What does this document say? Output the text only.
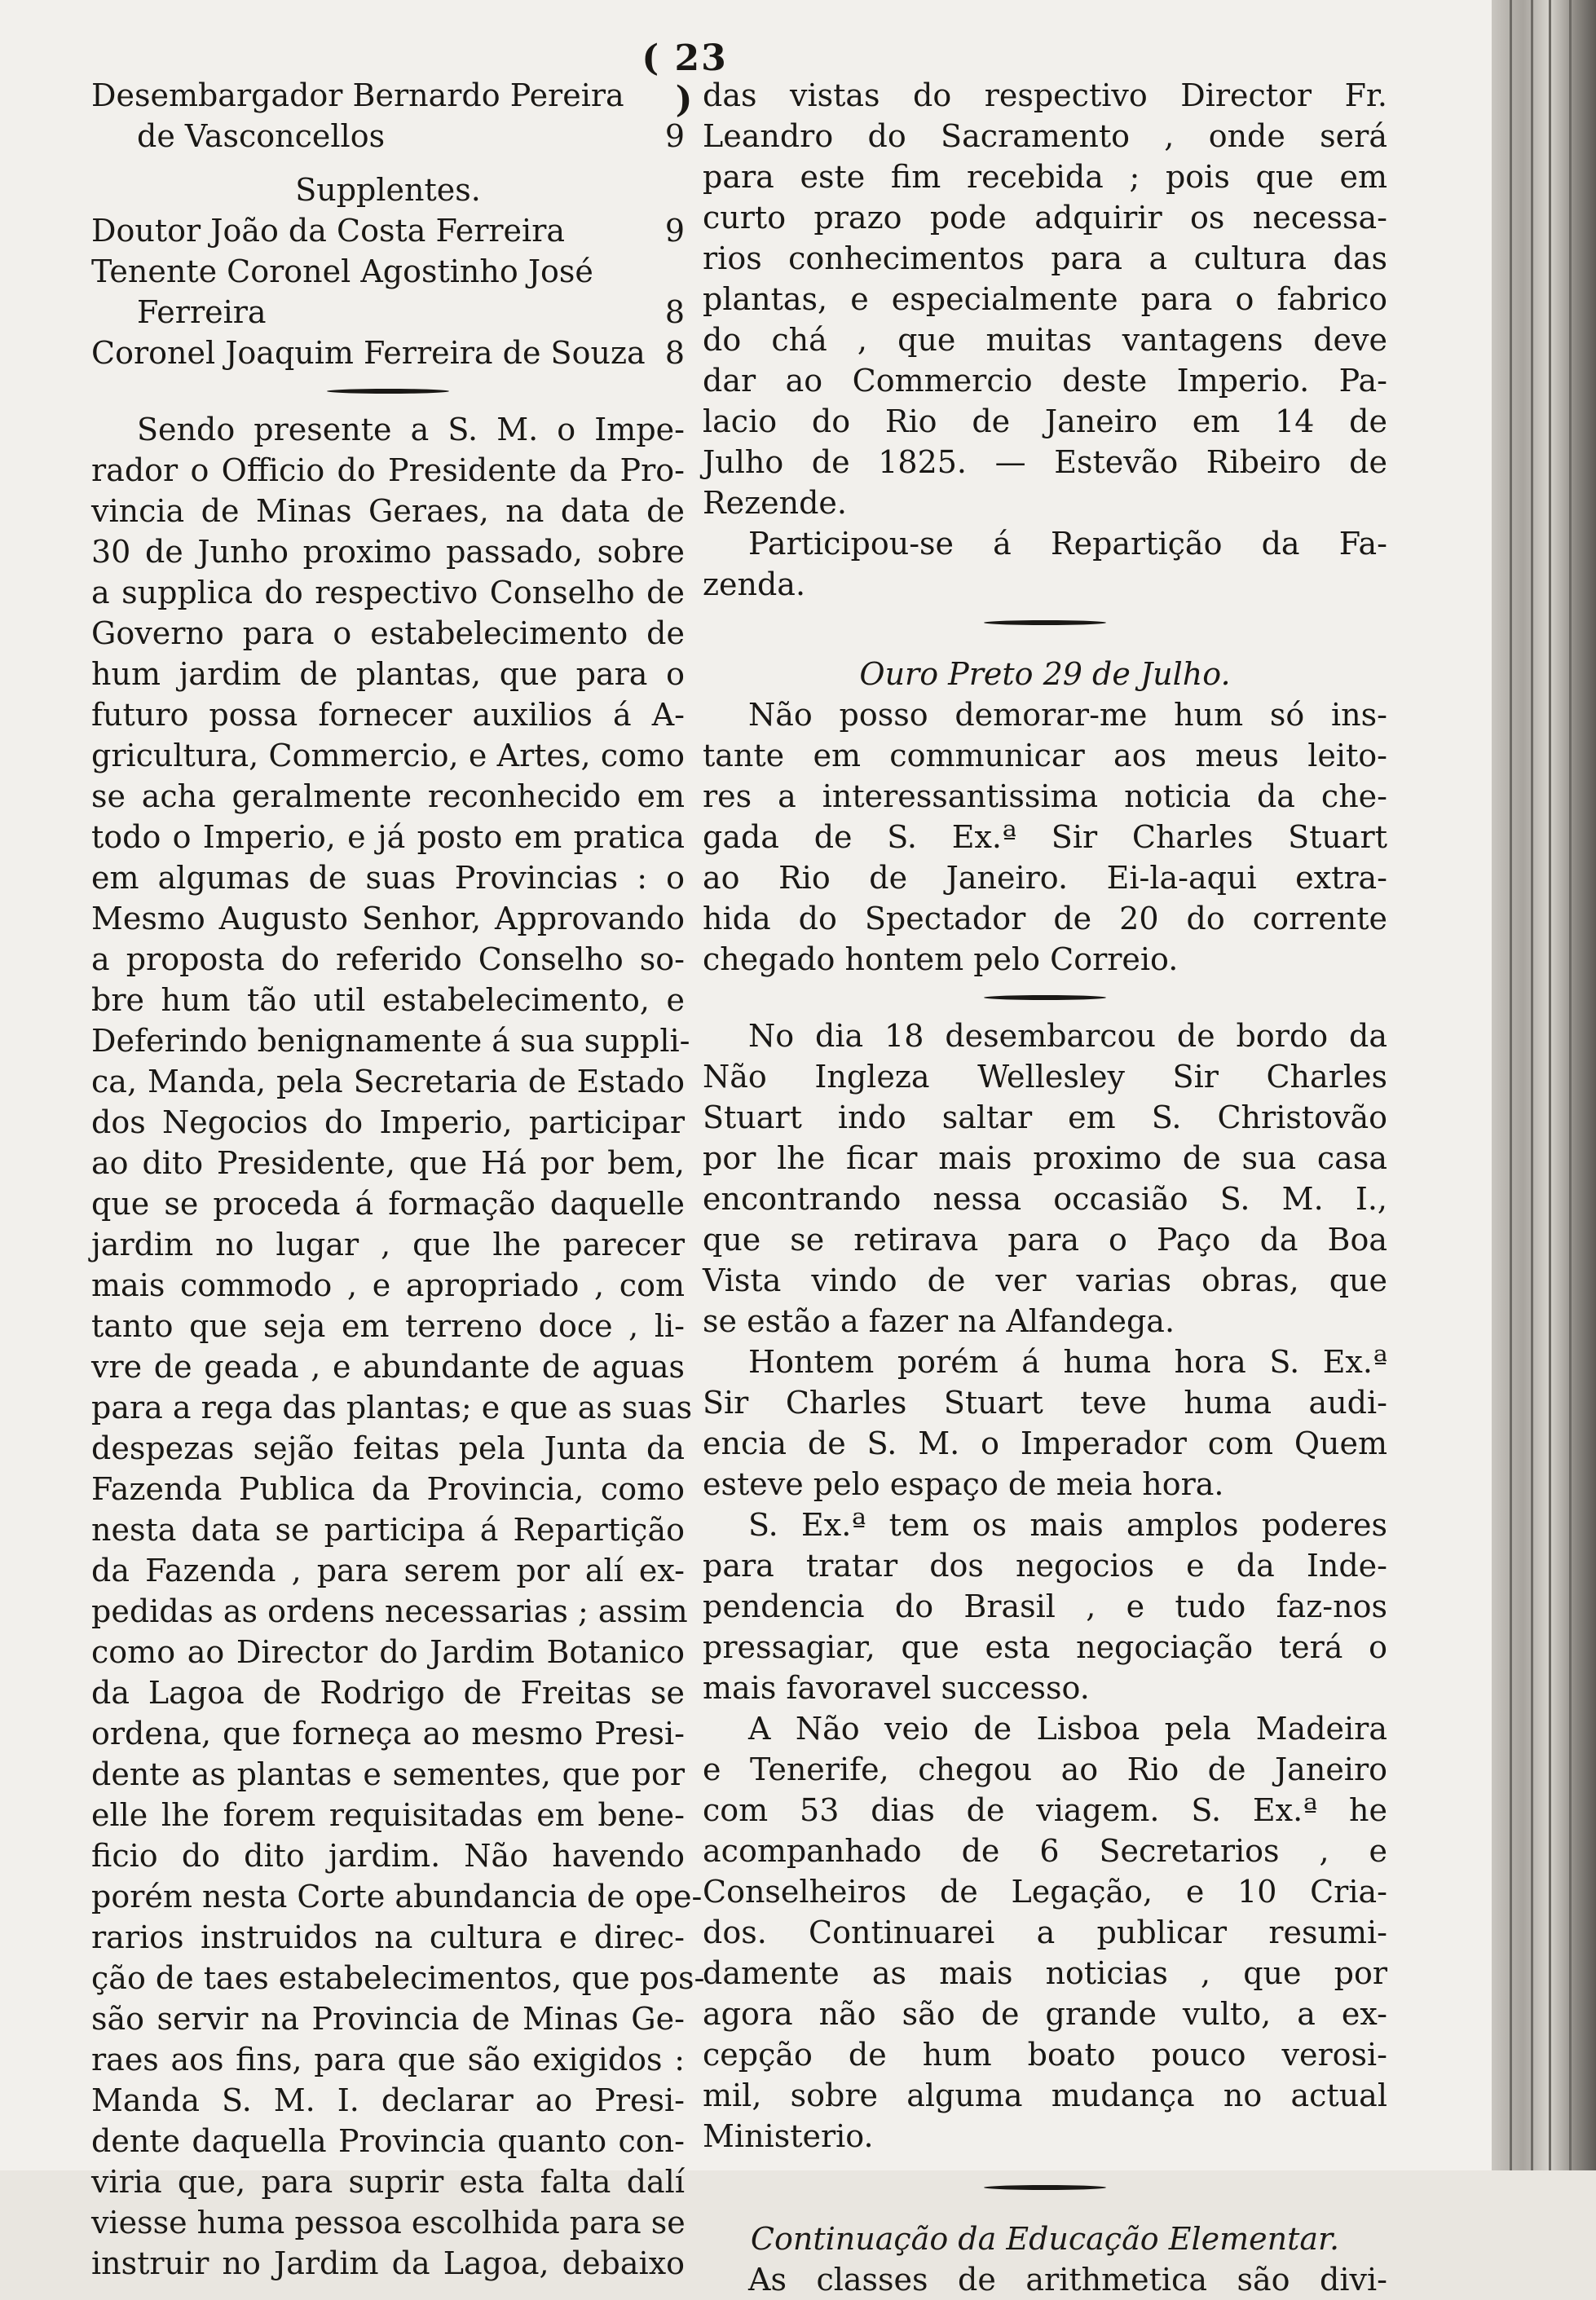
( 23 )
Desembargador Bernardo Pereira
de Vasconcellos	9
Supplentes.
Doutor João da Costa Ferreira	9
Tenente Coronel Agostinho José
Ferreira	8
Coronel Joaquim Ferreira de Souza 8
Sendo presente a S. M. o Impe-
rador o Officio do Presidente da Pro-
vincia de Minas Geraes, na data de
30 de Junho proximo passado, sobre
a supplica do respectivo Conselho de
Governo para o estabelecimento de
hum jardim de plantas, que para o
futuro possa fornecer auxilios á A-
gricultura, Commercio, e Artes, como
se acha geralmente reconhecido em
todo o Imperio, e já posto em pratica
em algumas de suas Provincias : o
Mesmo Augusto Senhor, Approvando
a proposta do referido Conselho so-
bre hum tão util estabelecimento, e
Deferindo benignamente á sua suppli-
ca, Manda, pela Secretaria de Estado
dos Negocios do Imperio, participar
ao dito Presidente, que Há por bem,
que se proceda á formação daquelle
jardim no lugar , que lhe parecer
mais commodo , e apropriado , com
tanto que seja em terreno doce , li-
vre de geada , e abundante de aguas
para a rega das plantas; e que as suas
despezas sejão feitas pela Junta da
Fazenda Publica da Provincia, como
nesta data se participa á Repartição
da Fazenda , para serem por alí ex-
pedidas as ordens necessarias ; assim
como ao Director do Jardim Botanico
da Lagoa de Rodrigo de Freitas se
ordena, que forneça ao mesmo Presi-
dente as plantas e sementes, que por
elle lhe forem requisitadas em bene-
ficio do dito jardim. Não havendo
porém nesta Corte abundancia de ope-
rarios instruidos na cultura e direc-
ção de taes estabelecimentos, que pos-
são servir na Provincia de Minas Ge-
raes aos fins, para que são exigidos :
Manda S. M. I. declarar ao Presi-
dente daquella Provincia quanto con-
viria que, para suprir esta falta dalí
viesse huma pessoa escolhida para se
instruir no Jardim da Lagoa, debaixo
das vistas do respectivo Director Fr.
Leandro do Sacramento , onde será
para este fim recebida ; pois que em
curto prazo pode adquirir os necessa-
rios conhecimentos para a cultura das
plantas, e especialmente para o fabrico
do chá , que muitas vantagens deve
dar ao Commercio deste Imperio. Pa-
lacio do Rio de Janeiro em 14 de
Julho de 1825. — Estevão Ribeiro de
Rezende.
Participou-se á Repartição da Fa-
zenda.
Ouro Preto 29 de Julho.
Não posso demorar-me hum só ins-
tante em communicar aos meus leito-
res a interessantissima noticia da che-
gada de S. Ex.ª Sir Charles Stuart
ao Rio de Janeiro. Ei-la-aqui extra-
hida do Spectador de 20 do corrente
chegado hontem pelo Correio.
No dia 18 desembarcou de bordo da
Não Ingleza Wellesley Sir Charles
Stuart indo saltar em S. Christovão
por lhe ficar mais proximo de sua casa
encontrando nessa occasião S. M. I.,
que se retirava para o Paço da Boa
Vista vindo de ver varias obras, que
se estão a fazer na Alfandega.
Hontem porém á huma hora S. Ex.ª
Sir Charles Stuart teve huma audi-
encia de S. M. o Imperador com Quem
esteve pelo espaço de meia hora.
S. Ex.ª tem os mais amplos poderes
para tratar dos negocios e da Inde-
pendencia do Brasil , e tudo faz-nos
pressagiar, que esta negociação terá o
mais favoravel successo.
A Não veio de Lisboa pela Madeira
e Tenerife, chegou ao Rio de Janeiro
com 53 dias de viagem. S. Ex.ª he
acompanhado de 6 Secretarios , e
Conselheiros de Legação, e 10 Cria-
dos. Continuarei a publicar resumi-
damente as mais noticias , que por
agora não são de grande vulto, a ex-
cepção de hum boato pouco verosi-
mil, sobre alguma mudança no actual
Ministerio.
Continuação da Educação Elementar.
As classes de arithmetica são divi-
